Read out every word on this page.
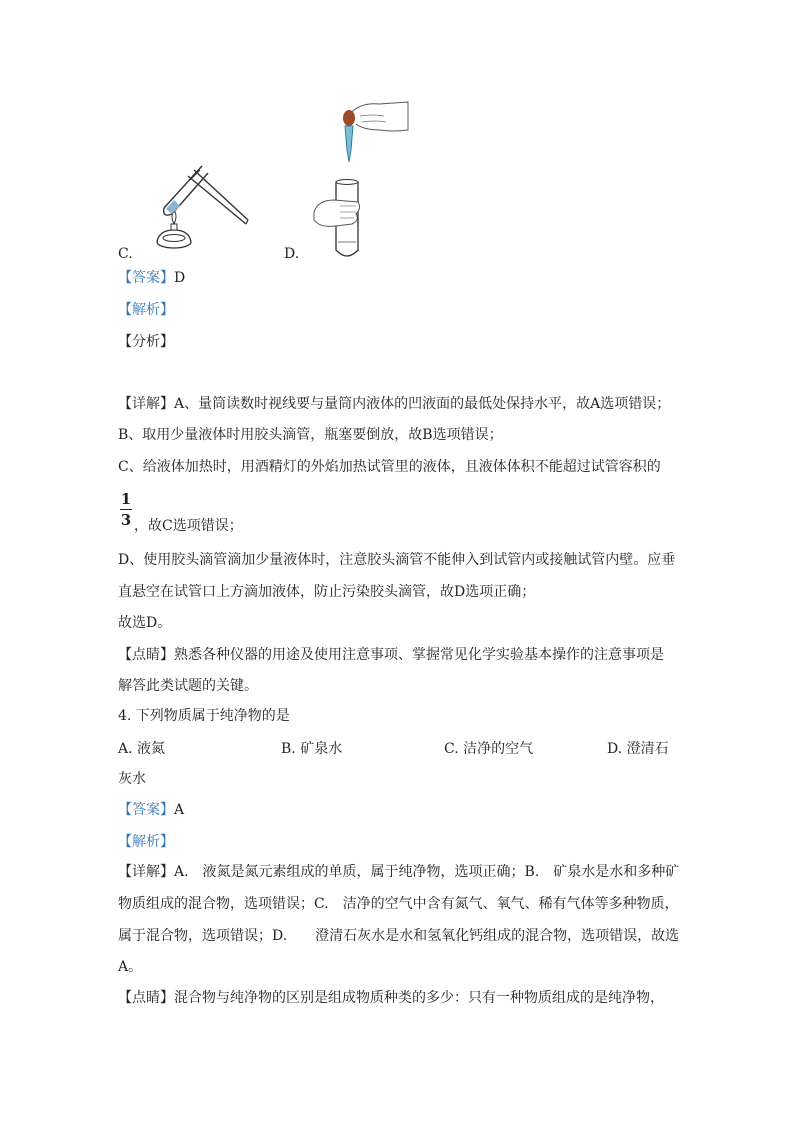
C.	D.
【答案】D
【解析】
【分析】
【详解】A、量筒读数时视线要与量筒内液体的凹液面的最低处保持水平，故A选项错误；
B、取用少量液体时用胶头滴管，瓶塞要倒放，故B选项错误；
C、给液体加热时，用酒精灯的外焰加热试管里的液体，且液体体积不能超过试管容积的
1
3 ，故C选项错误；
D、使用胶头滴管滴加少量液体时，注意胶头滴管不能伸入到试管内或接触试管内壁。应垂
直悬空在试管口上方滴加液体，防止污染胶头滴管，故D选项正确；
故选D。
【点睛】熟悉各种仪器的用途及使用注意事项、掌握常见化学实验基本操作的注意事项是
解答此类试题的关键。
4. 下列物质属于纯净物的是
A. 液氮	B. 矿泉水	C. 洁净的空气	D. 澄清石
灰水
【答案】A
【解析】
【详解】A.　液氮是氮元素组成的单质，属于纯净物，选项正确；B.　矿泉水是水和多种矿
物质组成的混合物，选项错误；C.　洁净的空气中含有氮气、氧气、稀有气体等多种物质，
属于混合物，选项错误；D.　　澄清石灰水是水和氢氧化钙组成的混合物，选项错误，故选
A。
【点睛】混合物与纯净物的区别是组成物质种类的多少：只有一种物质组成的是纯净物，
